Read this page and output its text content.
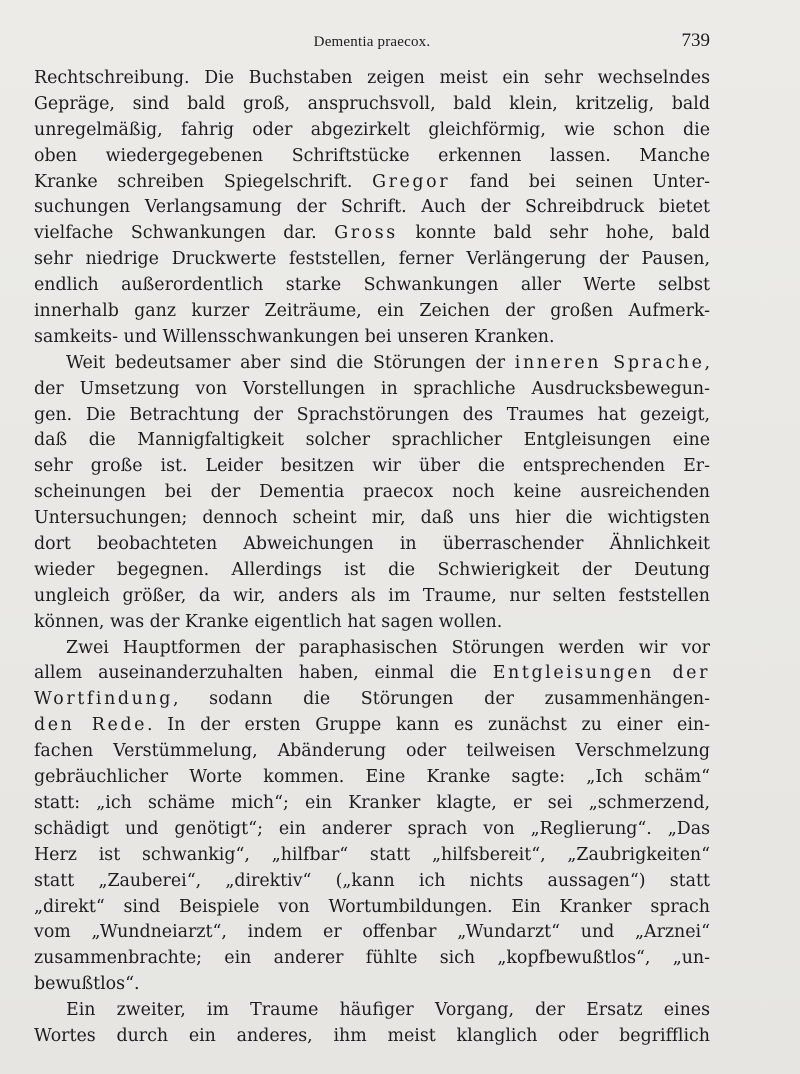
Dementia praecox.	739
Rechtschreibung. Die Buchstaben zeigen meist ein sehr wechselndes
Gepräge, sind bald groß, anspruchsvoll, bald klein, kritzelig, bald
unregelmäßig, fahrig oder abgezirkelt gleichförmig, wie schon die
oben wiedergegebenen Schriftstücke erkennen lassen. Manche
Kranke schreiben Spiegelschrift. Gregor fand bei seinen Unter-
suchungen Verlangsamung der Schrift. Auch der Schreibdruck bietet
vielfache Schwankungen dar. Gross konnte bald sehr hohe, bald
sehr niedrige Druckwerte feststellen, ferner Verlängerung der Pausen,
endlich außerordentlich starke Schwankungen aller Werte selbst
innerhalb ganz kurzer Zeiträume, ein Zeichen der großen Aufmerk-
samkeits- und Willensschwankungen bei unseren Kranken.
Weit bedeutsamer aber sind die Störungen der inneren Sprache,
der Umsetzung von Vorstellungen in sprachliche Ausdrucksbewegun-
gen. Die Betrachtung der Sprachstörungen des Traumes hat gezeigt,
daß die Mannigfaltigkeit solcher sprachlicher Entgleisungen eine
sehr große ist. Leider besitzen wir über die entsprechenden Er-
scheinungen bei der Dementia praecox noch keine ausreichenden
Untersuchungen; dennoch scheint mir, daß uns hier die wichtigsten
dort beobachteten Abweichungen in überraschender Ähnlichkeit
wieder begegnen. Allerdings ist die Schwierigkeit der Deutung
ungleich größer, da wir, anders als im Traume, nur selten feststellen
können, was der Kranke eigentlich hat sagen wollen.
Zwei Hauptformen der paraphasischen Störungen werden wir vor
allem auseinanderzuhalten haben, einmal die Entgleisungen der
Wortfindung, sodann die Störungen der zusammenhängen-
den Rede. In der ersten Gruppe kann es zunächst zu einer ein-
fachen Verstümmelung, Abänderung oder teilweisen Verschmelzung
gebräuchlicher Worte kommen. Eine Kranke sagte: „Ich schäm“
statt: „ich schäme mich“; ein Kranker klagte, er sei „schmerzend,
schädigt und genötigt“; ein anderer sprach von „Reglierung“. „Das
Herz ist schwankig“, „hilfbar“ statt „hilfsbereit“, „Zaubrigkeiten“
statt „Zauberei“, „direktiv“ („kann ich nichts aussagen“) statt
„direkt“ sind Beispiele von Wortumbildungen. Ein Kranker sprach
vom „Wundneiarzt“, indem er offenbar „Wundarzt“ und „Arznei“
zusammenbrachte; ein anderer fühlte sich „kopfbewußtlos“, „un-
bewußtlos“.
Ein zweiter, im Traume häufiger Vorgang, der Ersatz eines
Wortes durch ein anderes, ihm meist klanglich oder begrifflich
